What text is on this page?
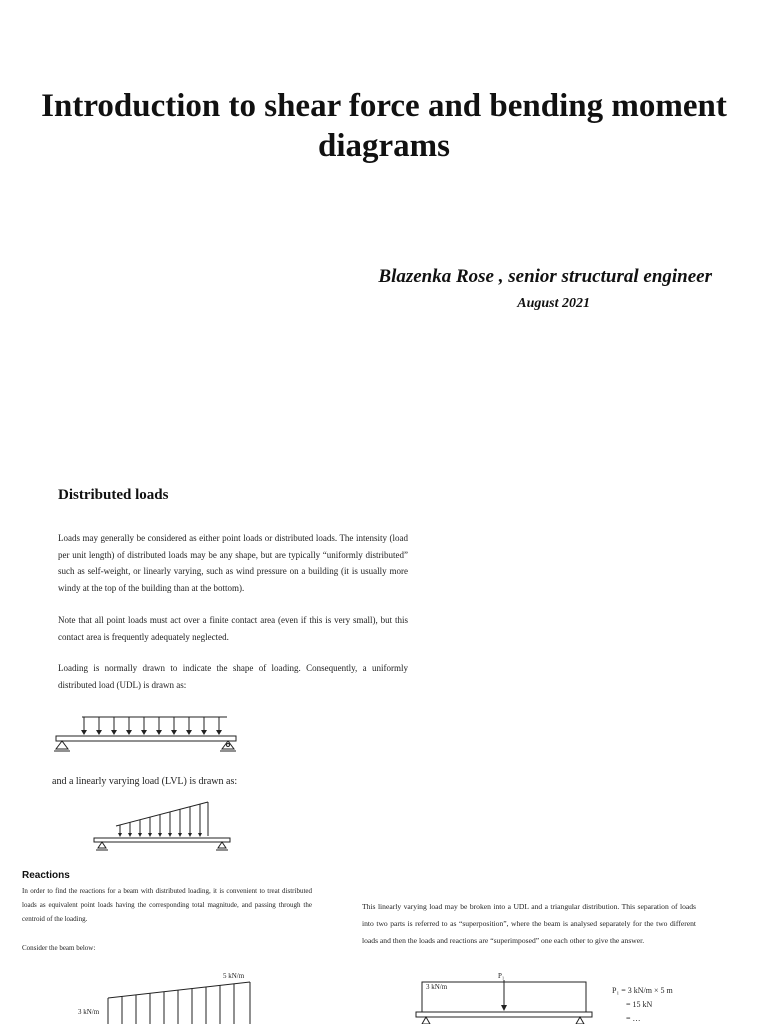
Introduction to shear force and bending moment diagrams
Blazenka Rose , senior structural engineer
August 2021
Distributed loads

Loads may generally be considered as either point loads or distributed loads. The intensity (load per unit length) of distributed loads may be any shape, but are typically “uniformly distributed” such as self-weight, or linearly varying, such as wind pressure on a building (it is usually more windy at the top of the building than at the bottom).

Note that all point loads must act over a finite contact area (even if this is very small), but this contact area is frequently adequately neglected.

Loading is normally drawn to indicate the shape of loading. Consequently, a uniformly distributed load (UDL) is drawn as:

and a linearly varying load (LVL) is drawn as:
Reactions

In order to find the reactions for a beam with distributed loading, it is convenient to treat distributed loads as equivalent point loads having the corresponding total magnitude, and passing through the centroid of the loading.

Consider the beam below:

5 kN/m
3 kN/m

This linearly varying load may be broken into a UDL and a triangular distribution. This separation of loads into two parts is referred to as “superposition”, where the beam is analysed separately for the two different loads and then the loads and reactions are “superimposed” one each other to give the answer.

P₁
3 kN/m	P₁ = 3 kN/m × 5 m
= 15 kN
= …
